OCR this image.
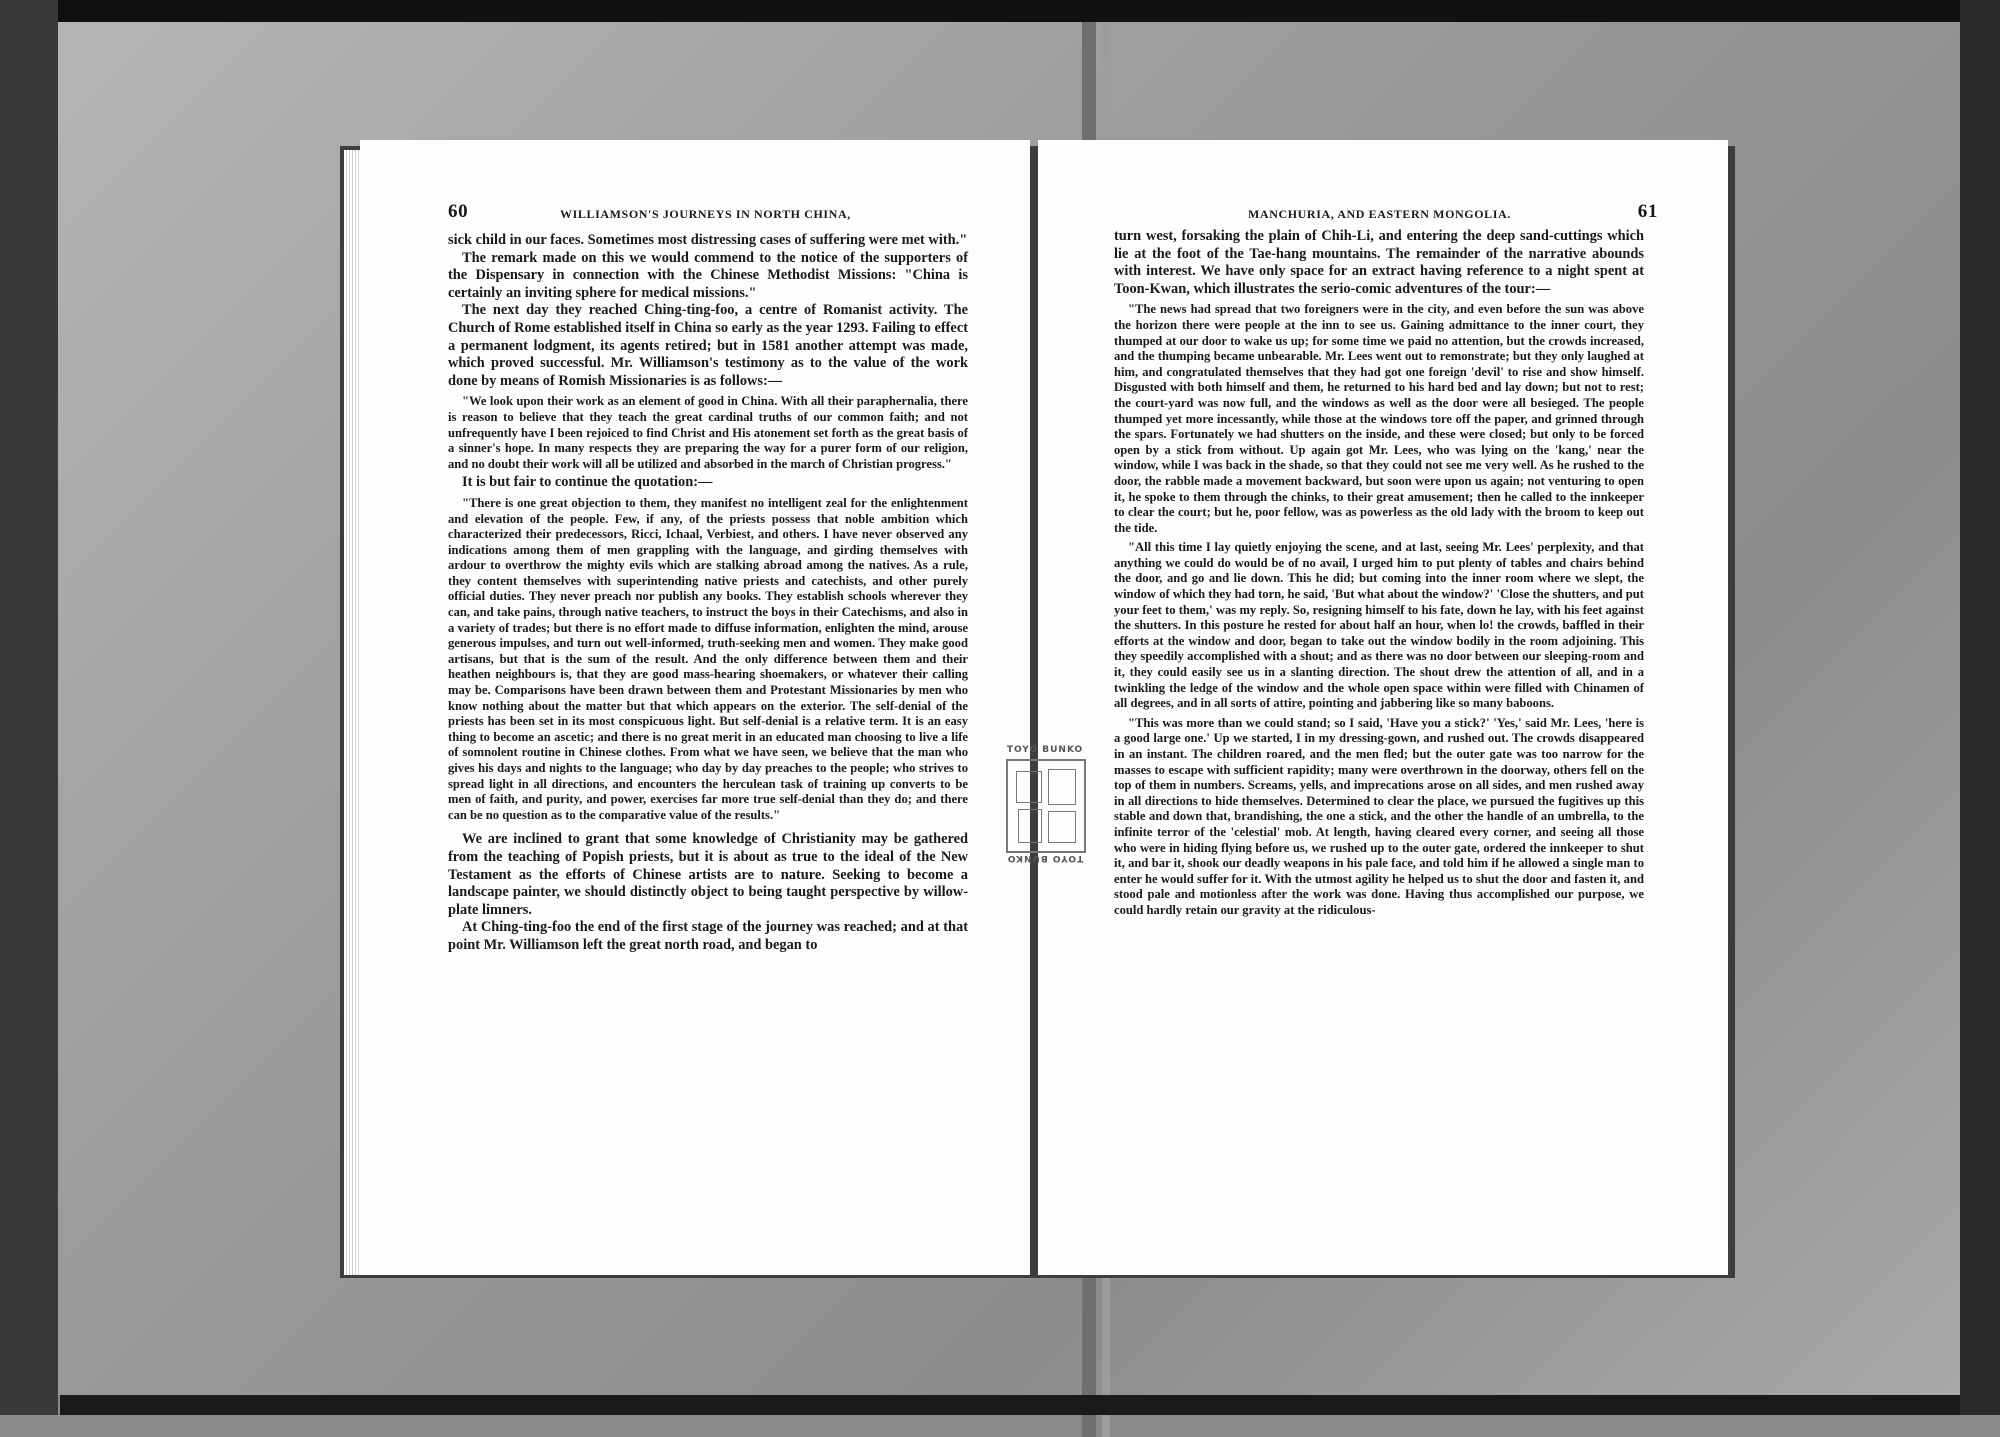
60	WILLIAMSON'S JOURNEYS IN NORTH CHINA,

sick child in our faces. Sometimes most distressing cases of suffering were met with."

The remark made on this we would commend to the notice of the supporters of the Dispensary in connection with the Chinese Methodist Missions: "China is certainly an inviting sphere for medical missions."

The next day they reached Ching-ting-foo, a centre of Romanist activity. The Church of Rome established itself in China so early as the year 1293. Failing to effect a permanent lodgment, its agents retired; but in 1581 another attempt was made, which proved successful. Mr. Williamson's testimony as to the value of the work done by means of Romish Missionaries is as follows:—

"We look upon their work as an element of good in China. With all their paraphernalia, there is reason to believe that they teach the great cardinal truths of our common faith; and not unfrequently have I been rejoiced to find Christ and His atonement set forth as the great basis of a sinner's hope. In many respects they are preparing the way for a purer form of our religion, and no doubt their work will all be utilized and absorbed in the march of Christian progress."

It is but fair to continue the quotation:—

"There is one great objection to them, they manifest no intelligent zeal for the enlightenment and elevation of the people. Few, if any, of the priests possess that noble ambition which characterized their predecessors, Ricci, Ichaal, Verbiest, and others. I have never observed any indications among them of men grappling with the language, and girding themselves with ardour to overthrow the mighty evils which are stalking abroad among the natives. As a rule, they content themselves with superintending native priests and catechists, and other purely official duties. They never preach nor publish any books. They establish schools wherever they can, and take pains, through native teachers, to instruct the boys in their Catechisms, and also in a variety of trades; but there is no effort made to diffuse information, enlighten the mind, arouse generous impulses, and turn out well-informed, truth-seeking men and women. They make good artisans, but that is the sum of the result. And the only difference between them and their heathen neighbours is, that they are good mass-hearing shoemakers, or whatever their calling may be. Comparisons have been drawn between them and Protestant Missionaries by men who know nothing about the matter but that which appears on the exterior. The self-denial of the priests has been set in its most conspicuous light. But self-denial is a relative term. It is an easy thing to become an ascetic; and there is no great merit in an educated man choosing to live a life of somnolent routine in Chinese clothes. From what we have seen, we believe that the man who gives his days and nights to the language; who day by day preaches to the people; who strives to spread light in all directions, and encounters the herculean task of training up converts to be men of faith, and purity, and power, exercises far more true self-denial than they do; and there can be no question as to the comparative value of the results."

We are inclined to grant that some knowledge of Christianity may be gathered from the teaching of Popish priests, but it is about as true to the ideal of the New Testament as the efforts of Chinese artists are to nature. Seeking to become a landscape painter, we should distinctly object to being taught perspective by willow-plate limners.

At Ching-ting-foo the end of the first stage of the journey was reached; and at that point Mr. Williamson left the great north road, and began to

MANCHURIA, AND EASTERN MONGOLIA.	61

turn west, forsaking the plain of Chih-Li, and entering the deep sand-cuttings which lie at the foot of the Tae-hang mountains. The remainder of the narrative abounds with interest. We have only space for an extract having reference to a night spent at Toon-Kwan, which illustrates the serio-comic adventures of the tour:—

"The news had spread that two foreigners were in the city, and even before the sun was above the horizon there were people at the inn to see us. Gaining admittance to the inner court, they thumped at our door to wake us up; for some time we paid no attention, but the crowds increased, and the thumping became unbearable. Mr. Lees went out to remonstrate; but they only laughed at him, and congratulated themselves that they had got one foreign 'devil' to rise and show himself. Disgusted with both himself and them, he returned to his hard bed and lay down; but not to rest; the court-yard was now full, and the windows as well as the door were all besieged. The people thumped yet more incessantly, while those at the windows tore off the paper, and grinned through the spars. Fortunately we had shutters on the inside, and these were closed; but only to be forced open by a stick from without. Up again got Mr. Lees, who was lying on the 'kang,' near the window, while I was back in the shade, so that they could not see me very well. As he rushed to the door, the rabble made a movement backward, but soon were upon us again; not venturing to open it, he spoke to them through the chinks, to their great amusement; then he called to the innkeeper to clear the court; but he, poor fellow, was as powerless as the old lady with the broom to keep out the tide.

"All this time I lay quietly enjoying the scene, and at last, seeing Mr. Lees' perplexity, and that anything we could do would be of no avail, I urged him to put plenty of tables and chairs behind the door, and go and lie down. This he did; but coming into the inner room where we slept, the window of which they had torn, he said, 'But what about the window?' 'Close the shutters, and put your feet to them,' was my reply. So, resigning himself to his fate, down he lay, with his feet against the shutters. In this posture he rested for about half an hour, when lo! the crowds, baffled in their efforts at the window and door, began to take out the window bodily in the room adjoining. This they speedily accomplished with a shout; and as there was no door between our sleeping-room and it, they could easily see us in a slanting direction. The shout drew the attention of all, and in a twinkling the ledge of the window and the whole open space within were filled with Chinamen of all degrees, and in all sorts of attire, pointing and jabbering like so many baboons.

"This was more than we could stand; so I said, 'Have you a stick?' 'Yes,' said Mr. Lees, 'here is a good large one.' Up we started, I in my dressing-gown, and rushed out. The crowds disappeared in an instant. The children roared, and the men fled; but the outer gate was too narrow for the masses to escape with sufficient rapidity; many were overthrown in the doorway, others fell on the top of them in numbers. Screams, yells, and imprecations arose on all sides, and men rushed away in all directions to hide themselves. Determined to clear the place, we pursued the fugitives up this stable and down that, brandishing, the one a stick, and the other the handle of an umbrella, to the infinite terror of the 'celestial' mob. At length, having cleared every corner, and seeing all those who were in hiding flying before us, we rushed up to the outer gate, ordered the innkeeper to shut it, and bar it, shook our deadly weapons in his pale face, and told him if he allowed a single man to enter he would suffer for it. With the utmost agility he helped us to shut the door and fasten it, and stood pale and motionless after the work was done. Having thus accomplished our purpose, we could hardly retain our gravity at the ridiculous-

TOYO BUNKO
TOYO BUNKO
